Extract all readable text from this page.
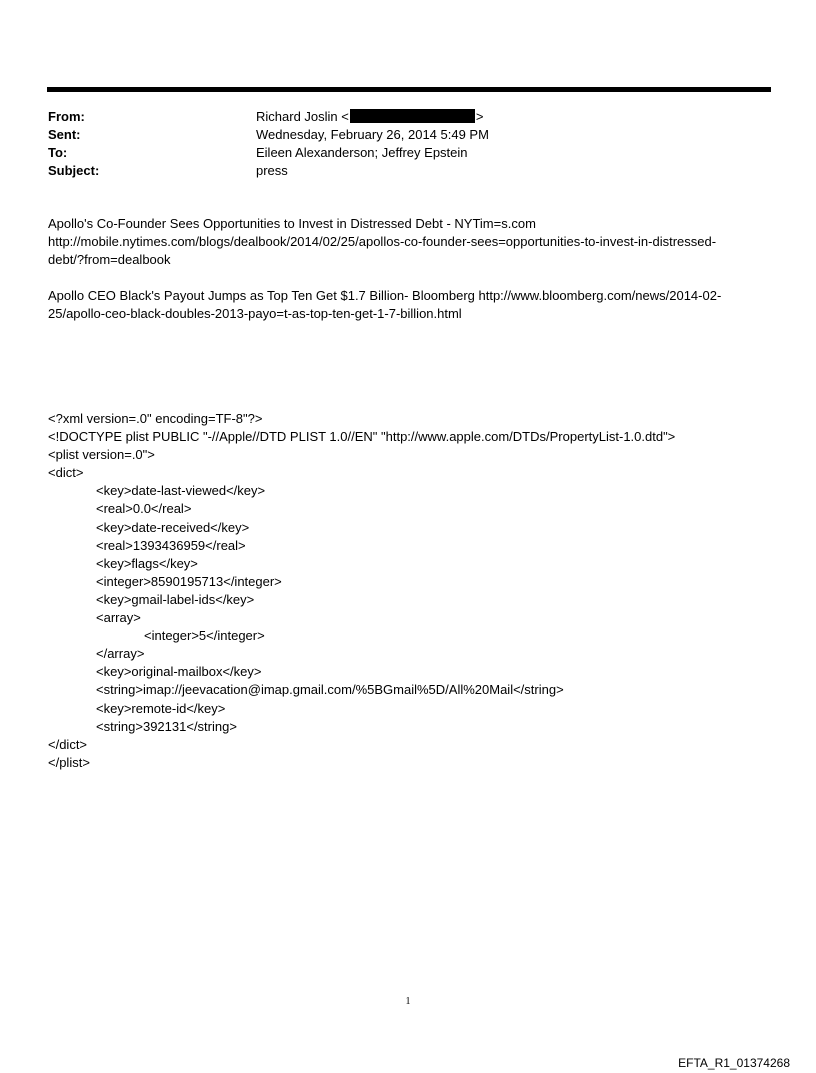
From:	Richard Joslin <	>
Sent:	Wednesday, February 26, 2014 5:49 PM
To:	Eileen Alexanderson; Jeffrey Epstein
Subject:	press
Apollo's Co-Founder Sees Opportunities to Invest in Distressed Debt - NYTim=s.com
http://mobile.nytimes.com/blogs/dealbook/2014/02/25/apollos-co-founder-sees=opportunities-to-invest-in-distressed-
debt/?from=dealbook
Apollo CEO Black's Payout Jumps as Top Ten Get $1.7 Billion- Bloomberg http://www.bloomberg.com/news/2014-02-
25/apollo-ceo-black-doubles-2013-payo=t-as-top-ten-get-1-7-billion.html
<?xml version=.0" encoding=TF-8"?>
<!DOCTYPE plist PUBLIC "-//Apple//DTD PLIST 1.0//EN" "http://www.apple.com/DTDs/PropertyList-1.0.dtd">
<plist version=.0">
<dict>
<key>date-last-viewed</key>
<real>0.0</real>
<key>date-received</key>
<real>1393436959</real>
<key>flags</key>
<integer>8590195713</integer>
<key>gmail-label-ids</key>
<array>
<integer>5</integer>
</array>
<key>original-mailbox</key>
<string>imap://jeevacation@imap.gmail.com/%5BGmail%5D/All%20Mail</string>
<key>remote-id</key>
<string>392131</string>
</dict>
</plist>
1
EFTA_R1_01374268
